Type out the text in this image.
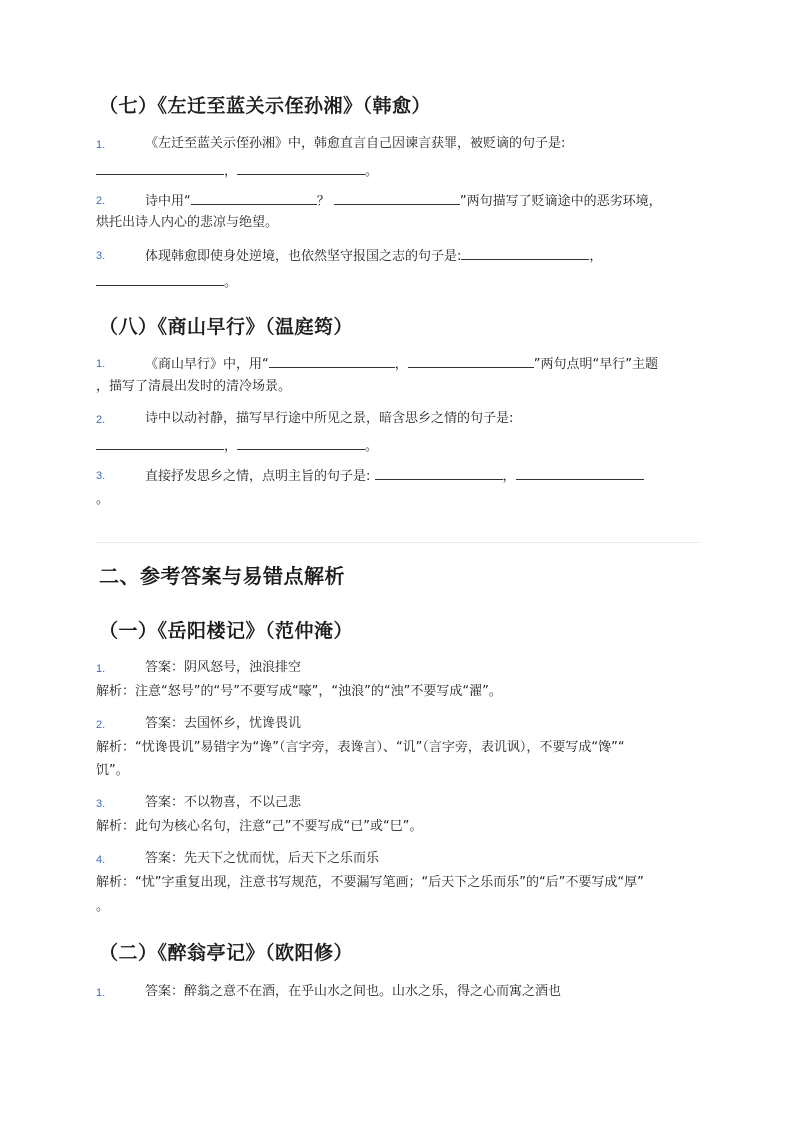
（七）《左迁至蓝关示侄孙湘》（韩愈）
1.	《左迁至蓝关示侄孙湘》中，韩愈直言自己因谏言获罪，被贬谪的句子是:
，	。
2.	诗中用“	？	”两句描写了贬谪途中的恶劣环境，
烘托出诗人内心的悲凉与绝望。
3.	体现韩愈即使身处逆境，也依然坚守报国之志的句子是:	，
。
（八）《商山早行》（温庭筠）
1.	《商山早行》中，用“	，	”两句点明“早行”主题
，描写了清晨出发时的清冷场景。
2.	诗中以动衬静，描写早行途中所见之景，暗含思乡之情的句子是:
，	。
3.	直接抒发思乡之情，点明主旨的句子是:	，
。
二、参考答案与易错点解析
（一）《岳阳楼记》（范仲淹）
1.	答案：阴风怒号，浊浪排空
解析：注意“怒号”的“号”不要写成“嚎”，“浊浪”的“浊”不要写成“濯”。
2.	答案：去国怀乡，忧谗畏讥
解析：“忧谗畏讥”易错字为“谗”（言字旁，表谗言）、“讥”（言字旁，表讥讽），不要写成“馋”“
饥”。
3.	答案：不以物喜，不以己悲
解析：此句为核心名句，注意“己”不要写成“已”或“巳”。
4.	答案：先天下之忧而忧，后天下之乐而乐
解析：“忧”字重复出现，注意书写规范，不要漏写笔画；“后天下之乐而乐”的“后”不要写成“厚”
。
（二）《醉翁亭记》（欧阳修）
1.	答案：醉翁之意不在酒，在乎山水之间也。山水之乐，得之心而寓之酒也
